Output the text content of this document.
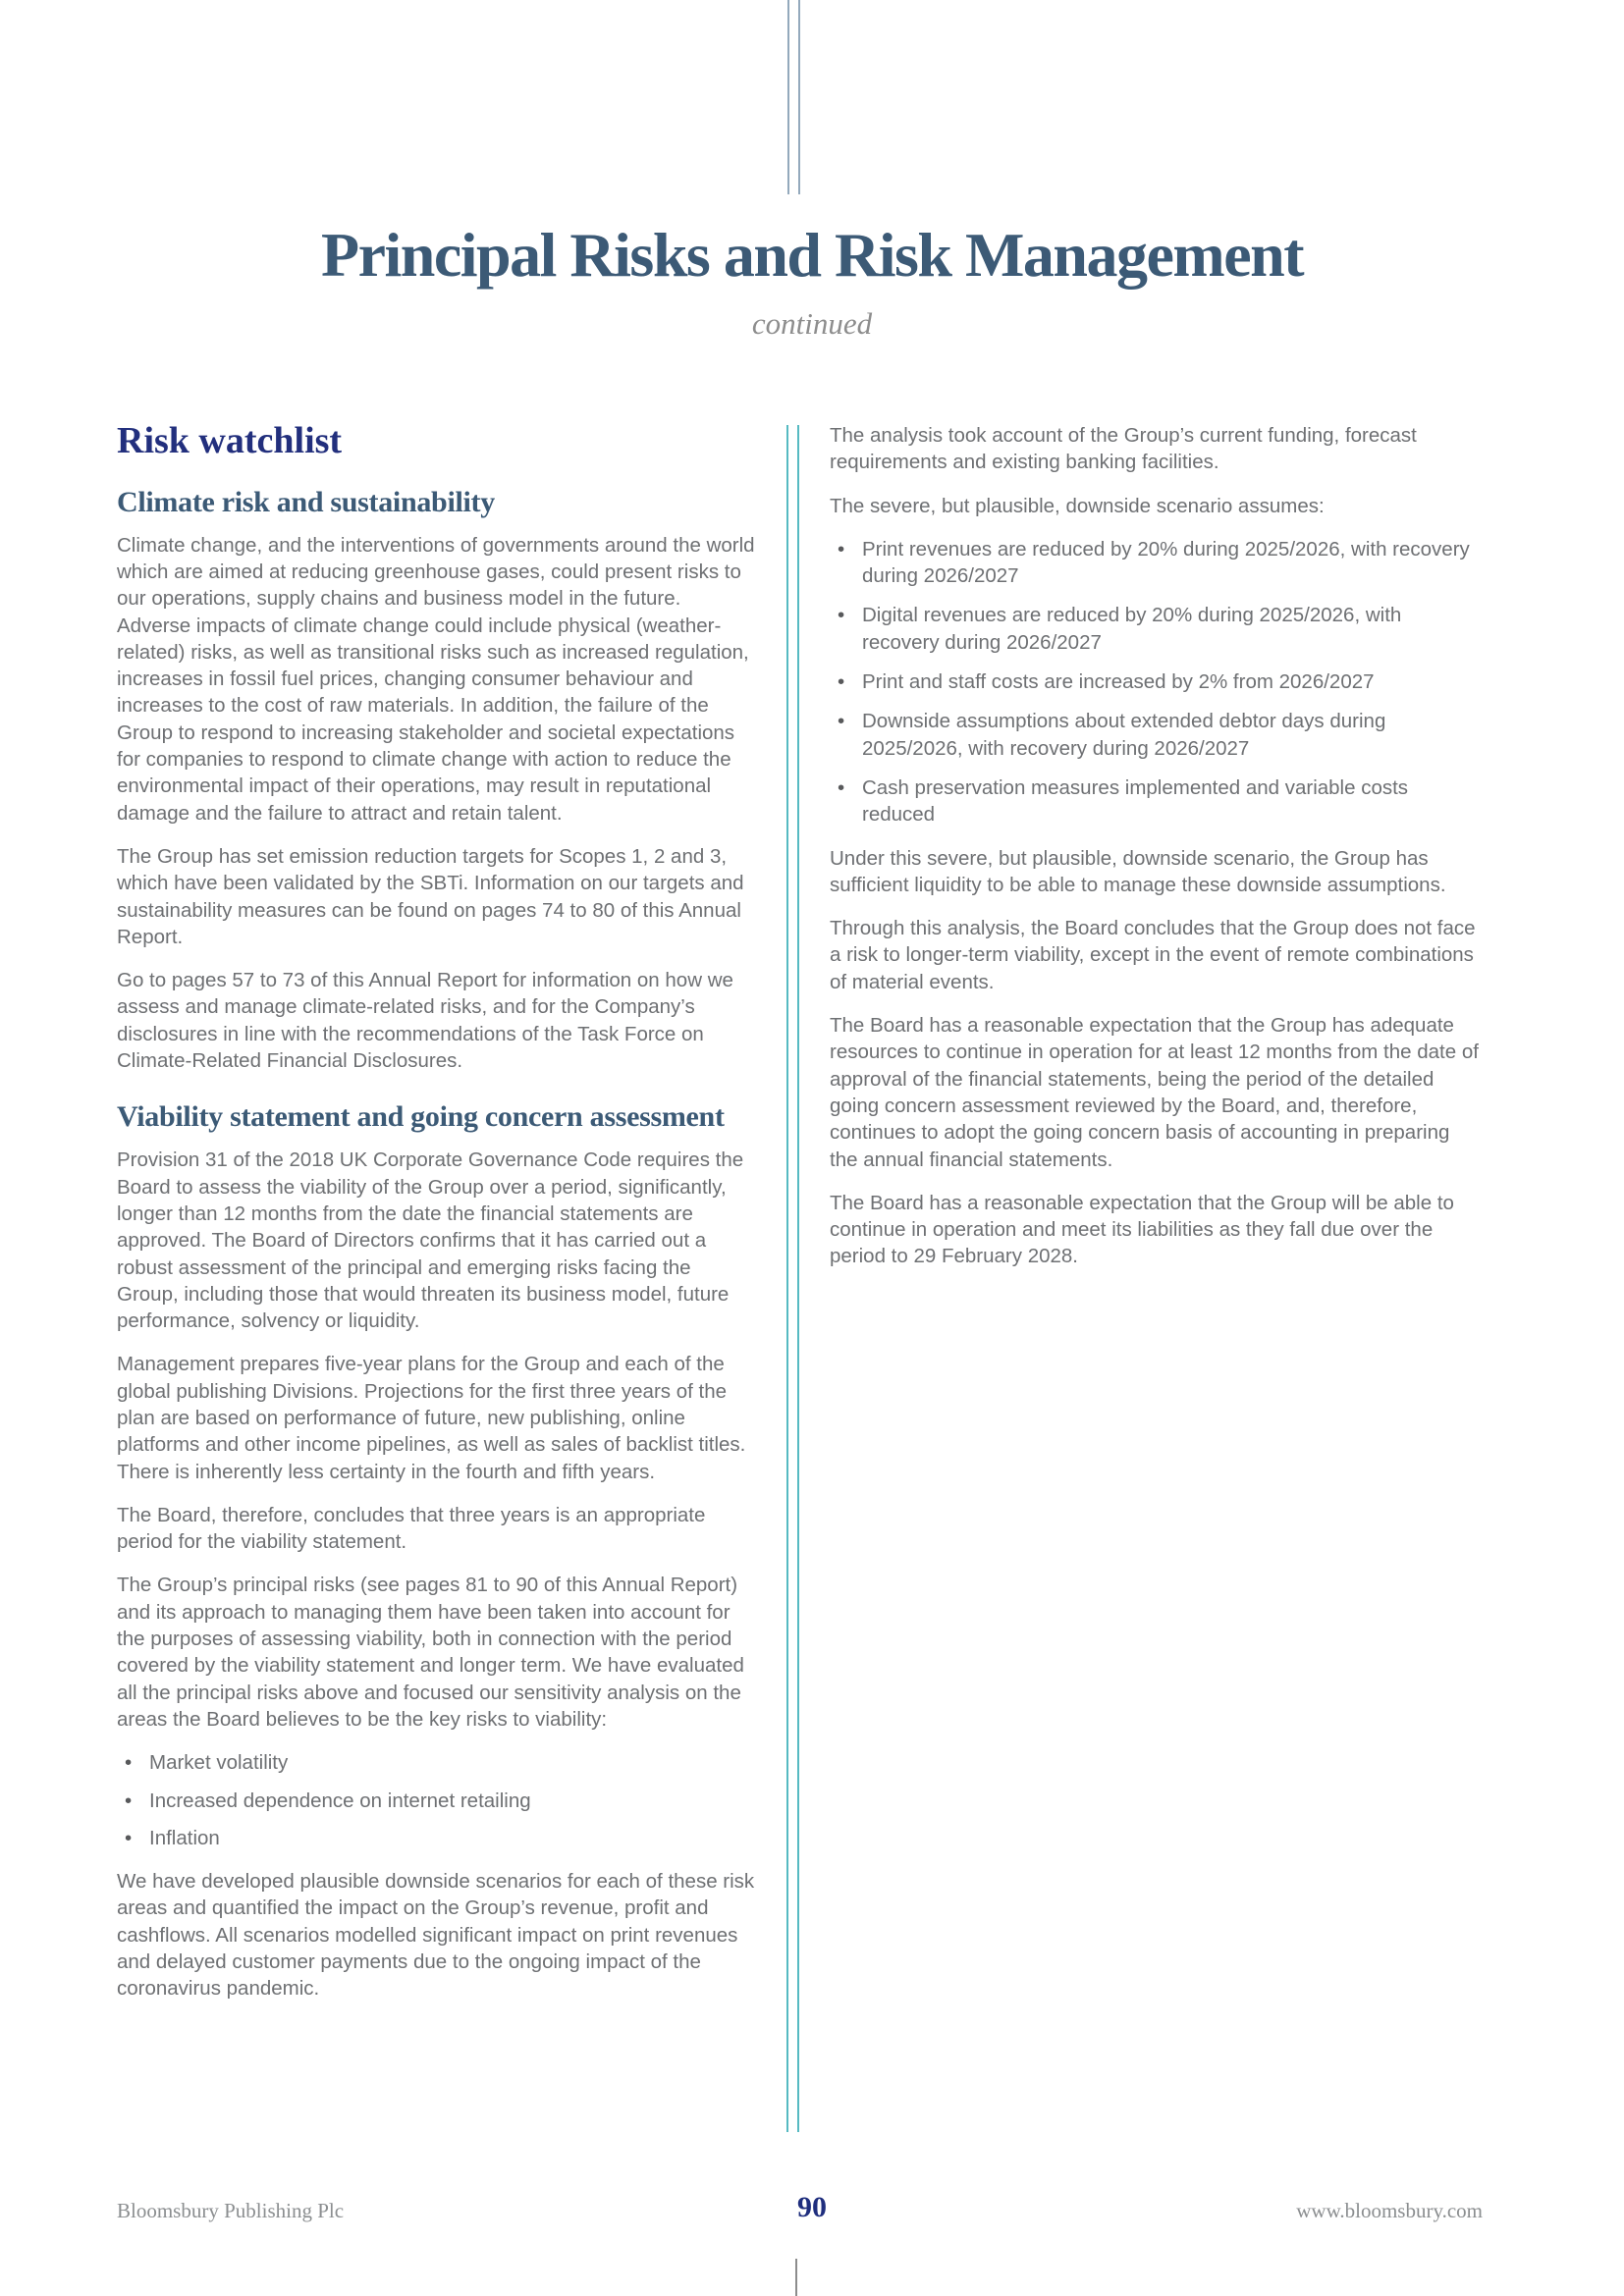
Principal Risks and Risk Management
continued
Risk watchlist
Climate risk and sustainability

Climate change, and the interventions of governments around the world which are aimed at reducing greenhouse gases, could present risks to our operations, supply chains and business model in the future. Adverse impacts of climate change could include physical (weather-related) risks, as well as transitional risks such as increased regulation, increases in fossil fuel prices, changing consumer behaviour and increases to the cost of raw materials. In addition, the failure of the Group to respond to increasing stakeholder and societal expectations for companies to respond to climate change with action to reduce the environmental impact of their operations, may result in reputational damage and the failure to attract and retain talent.

The Group has set emission reduction targets for Scopes 1, 2 and 3, which have been validated by the SBTi. Information on our targets and sustainability measures can be found on pages 74 to 80 of this Annual Report.

Go to pages 57 to 73 of this Annual Report for information on how we assess and manage climate-related risks, and for the Company’s disclosures in line with the recommendations of the Task Force on Climate-Related Financial Disclosures.

Viability statement and going concern assessment

Provision 31 of the 2018 UK Corporate Governance Code requires the Board to assess the viability of the Group over a period, significantly, longer than 12 months from the date the financial statements are approved. The Board of Directors confirms that it has carried out a robust assessment of the principal and emerging risks facing the Group, including those that would threaten its business model, future performance, solvency or liquidity.

Management prepares five-year plans for the Group and each of the global publishing Divisions. Projections for the first three years of the plan are based on performance of future, new publishing, online platforms and other income pipelines, as well as sales of backlist titles. There is inherently less certainty in the fourth and fifth years.

The Board, therefore, concludes that three years is an appropriate period for the viability statement.

The Group’s principal risks (see pages 81 to 90 of this Annual Report) and its approach to managing them have been taken into account for the purposes of assessing viability, both in connection with the period covered by the viability statement and longer term. We have evaluated all the principal risks above and focused our sensitivity analysis on the areas the Board believes to be the key risks to viability:

• Market volatility
• Increased dependence on internet retailing
• Inflation

We have developed plausible downside scenarios for each of these risk areas and quantified the impact on the Group’s revenue, profit and cashflows. All scenarios modelled significant impact on print revenues and delayed customer payments due to the ongoing impact of the coronavirus pandemic.

The analysis took account of the Group’s current funding, forecast requirements and existing banking facilities.

The severe, but plausible, downside scenario assumes:

• Print revenues are reduced by 20% during 2025/2026, with recovery during 2026/2027
• Digital revenues are reduced by 20% during 2025/2026, with recovery during 2026/2027
• Print and staff costs are increased by 2% from 2026/2027
• Downside assumptions about extended debtor days during 2025/2026, with recovery during 2026/2027
• Cash preservation measures implemented and variable costs reduced

Under this severe, but plausible, downside scenario, the Group has sufficient liquidity to be able to manage these downside assumptions.

Through this analysis, the Board concludes that the Group does not face a risk to longer-term viability, except in the event of remote combinations of material events.

The Board has a reasonable expectation that the Group has adequate resources to continue in operation for at least 12 months from the date of approval of the financial statements, being the period of the detailed going concern assessment reviewed by the Board, and, therefore, continues to adopt the going concern basis of accounting in preparing the annual financial statements.

The Board has a reasonable expectation that the Group will be able to continue in operation and meet its liabilities as they fall due over the period to 29 February 2028.

Bloomsbury Publishing Plc	90	www.bloomsbury.com
